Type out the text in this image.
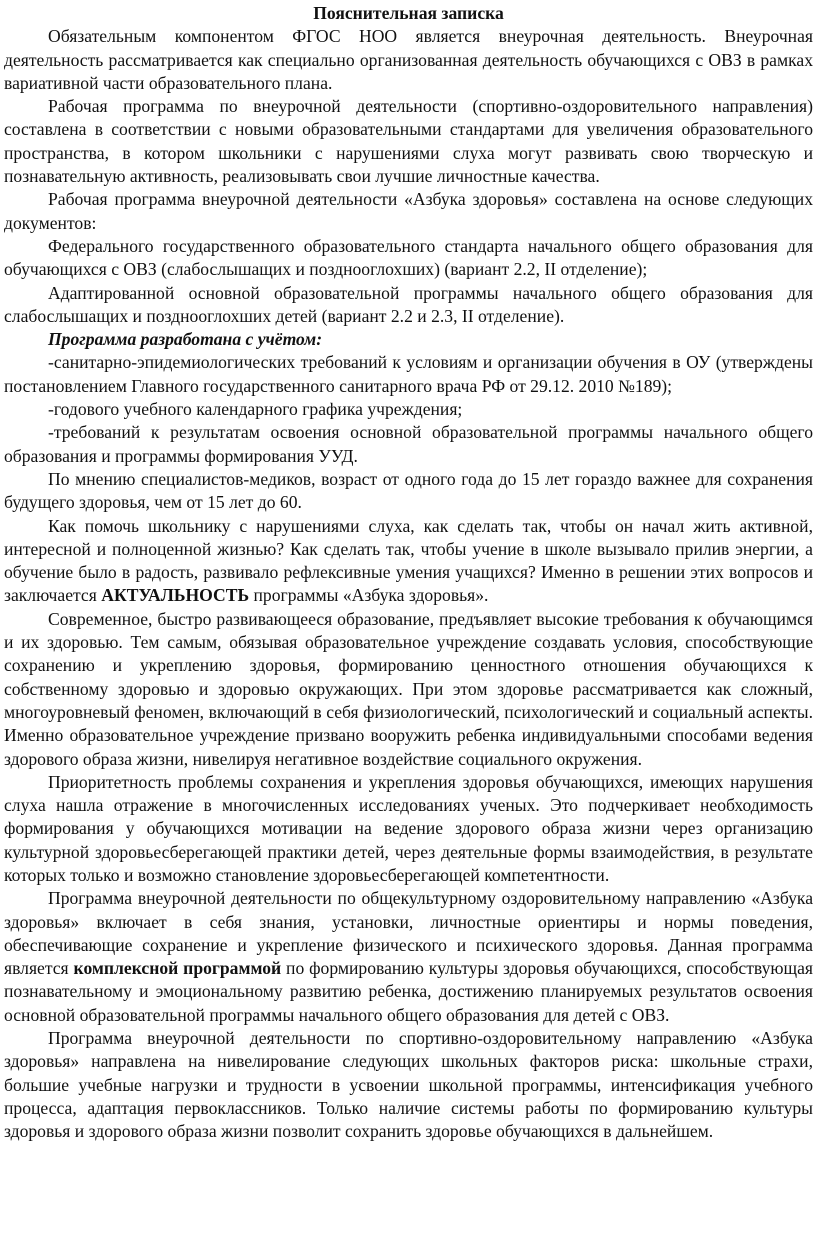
Пояснительная записка

Обязательным компонентом ФГОС НОО является внеурочная деятельность. Внеурочная деятельность рассматривается как специально организованная деятельность обучающихся с ОВЗ в рамках вариативной части образовательного плана.

Рабочая программа по внеурочной деятельности (спортивно-оздоровительного направления) составлена в соответствии с новыми образовательными стандартами для увеличения образовательного пространства, в котором школьники с нарушениями слуха могут развивать свою творческую и познавательную активность, реализовывать свои лучшие личностные качества.

Рабочая программа внеурочной деятельности «Азбука здоровья» составлена на основе следующих документов:

Федерального государственного образовательного стандарта начального общего образования для обучающихся с ОВЗ (слабослышащих и позднооглохших) (вариант 2.2, II отделение);

Адаптированной основной образовательной программы начального общего образования для слабослышащих и позднооглохших детей (вариант 2.2 и 2.3, II отделение).

Программа разработана с учётом:

-санитарно-эпидемиологических требований к условиям и организации обучения в ОУ (утверждены постановлением Главного государственного санитарного врача РФ от 29.12. 2010 №189);

-годового учебного календарного графика учреждения;

-требований к результатам освоения основной образовательной программы начального общего образования и программы формирования УУД.

По мнению специалистов-медиков, возраст от одного года до 15 лет гораздо важнее для сохранения будущего здоровья, чем от 15 лет до 60.

Как помочь школьнику с нарушениями слуха, как сделать так, чтобы он начал жить активной, интересной и полноценной жизнью? Как сделать так, чтобы учение в школе вызывало прилив энергии, а обучение было в радость, развивало рефлексивные умения учащихся? Именно в решении этих вопросов и заключается АКТУАЛЬНОСТЬ программы «Азбука здоровья».

Современное, быстро развивающееся образование, предъявляет высокие требования к обучающимся и их здоровью. Тем самым, обязывая образовательное учреждение создавать условия, способствующие сохранению и укреплению здоровья, формированию ценностного отношения обучающихся к собственному здоровью и здоровью окружающих. При этом здоровье рассматривается как сложный, многоуровневый феномен, включающий в себя физиологический, психологический и социальный аспекты. Именно образовательное учреждение призвано вооружить ребенка индивидуальными способами ведения здорового образа жизни, нивелируя негативное воздействие социального окружения.

Приоритетность проблемы сохранения и укрепления здоровья обучающихся, имеющих нарушения слуха нашла отражение в многочисленных исследованиях ученых. Это подчеркивает необходимость формирования у обучающихся мотивации на ведение здорового образа жизни через организацию культурной здоровьесберегающей практики детей, через деятельные формы взаимодействия, в результате которых только и возможно становление здоровьесберегающей компетентности.

Программа внеурочной деятельности по общекультурному оздоровительному направлению «Азбука здоровья» включает в себя знания, установки, личностные ориентиры и нормы поведения, обеспечивающие сохранение и укрепление физического и психического здоровья. Данная программа является комплексной программой по формированию культуры здоровья обучающихся, способствующая познавательному и эмоциональному развитию ребенка, достижению планируемых результатов освоения основной образовательной программы начального общего образования для детей с ОВЗ.

Программа внеурочной деятельности по спортивно-оздоровительному направлению «Азбука здоровья» направлена на нивелирование следующих школьных факторов риска: школьные страхи, большие учебные нагрузки и трудности в усвоении школьной программы, интенсификация учебного процесса, адаптация первоклассников. Только наличие системы работы по формированию культуры здоровья и здорового образа жизни позволит сохранить здоровье обучающихся в дальнейшем.
